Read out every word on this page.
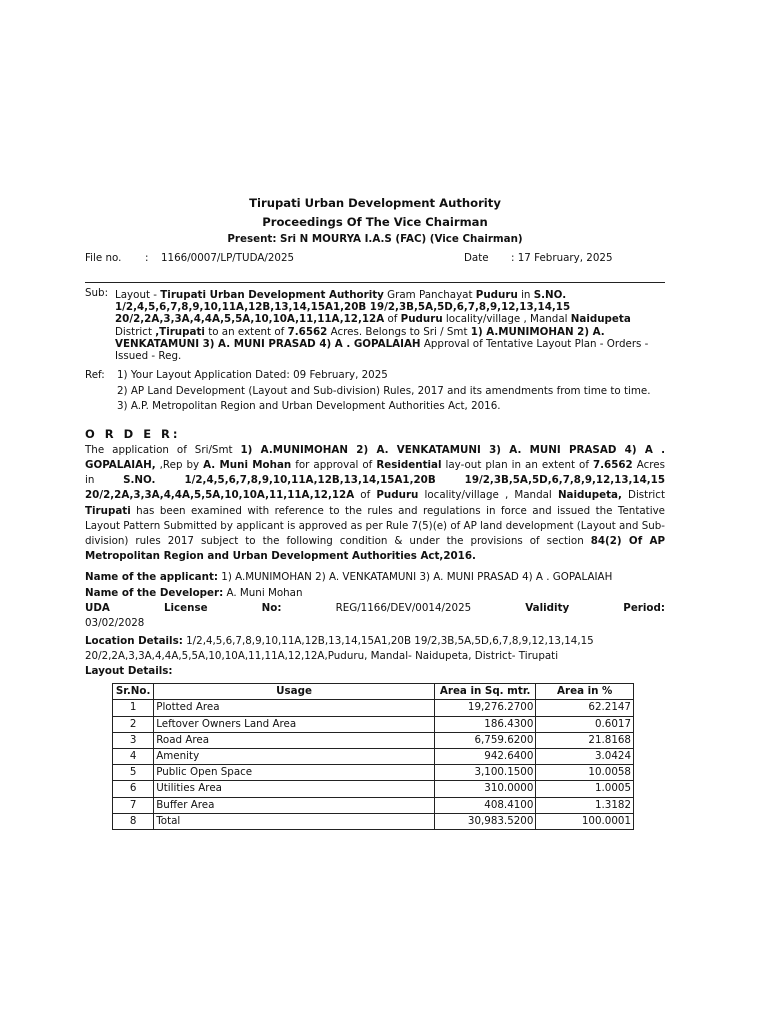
Tirupati Urban Development Authority
Proceedings Of The Vice Chairman
Present: Sri N MOURYA I.A.S (FAC) (Vice Chairman)
File no.	:	1166/0007/LP/TUDA/2025	Date	: 17 February, 2025
Sub: Layout - Tirupati Urban Development Authority Gram Panchayat Puduru in S.NO. 1/2,4,5,6,7,8,9,10,11A,12B,13,14,15A1,20B 19/2,3B,5A,5D,6,7,8,9,12,13,14,15 20/2,2A,3,3A,4,4A,5,5A,10,10A,11,11A,12,12A of Puduru locality/village , Mandal Naidupeta District ,Tirupati to an extent of 7.6562 Acres. Belongs to Sri / Smt 1) A.MUNIMOHAN 2) A. VENKATAMUNI 3) A. MUNI PRASAD 4) A . GOPALAIAH Approval of Tentative Layout Plan - Orders - Issued - Reg.
Ref:	1) Your Layout Application Dated: 09 February, 2025
2) AP Land Development (Layout and Sub-division) Rules, 2017 and its amendments from time to time.
3) A.P. Metropolitan Region and Urban Development Authorities Act, 2016.
O R D E R:
The application of Sri/Smt 1) A.MUNIMOHAN 2) A. VENKATAMUNI 3) A. MUNI PRASAD 4) A . GOPALAIAH, ,Rep by A. Muni Mohan for approval of Residential lay-out plan in an extent of 7.6562 Acres in S.NO. 1/2,4,5,6,7,8,9,10,11A,12B,13,14,15A1,20B 19/2,3B,5A,5D,6,7,8,9,12,13,14,15 20/2,2A,3,3A,4,4A,5,5A,10,10A,11,11A,12,12A of Puduru locality/village , Mandal Naidupeta, District Tirupati has been examined with reference to the rules and regulations in force and issued the Tentative Layout Pattern Submitted by applicant is approved as per Rule 7(5)(e) of AP land development (Layout and Sub-division) rules 2017 subject to the following condition & under the provisions of section 84(2) Of AP Metropolitan Region and Urban Development Authorities Act,2016.
Name of the applicant: 1) A.MUNIMOHAN 2) A. VENKATAMUNI 3) A. MUNI PRASAD 4) A . GOPALAIAH
Name of the Developer: A. Muni Mohan
UDA	License	No:	REG/1166/DEV/0014/2025	Validity	Period:
03/02/2028
Location Details: 1/2,4,5,6,7,8,9,10,11A,12B,13,14,15A1,20B 19/2,3B,5A,5D,6,7,8,9,12,13,14,15 20/2,2A,3,3A,4,4A,5,5A,10,10A,11,11A,12,12A,Puduru, Mandal- Naidupeta, District- Tirupati
Layout Details:
Sr.No.	Usage	Area in Sq. mtr.	Area in %
1	Plotted Area	19,276.2700	62.2147
2	Leftover Owners Land Area	186.4300	0.6017
3	Road Area	6,759.6200	21.8168
4	Amenity	942.6400	3.0424
5	Public Open Space	3,100.1500	10.0058
6	Utilities Area	310.0000	1.0005
7	Buffer Area	408.4100	1.3182
8	Total	30,983.5200	100.0001
